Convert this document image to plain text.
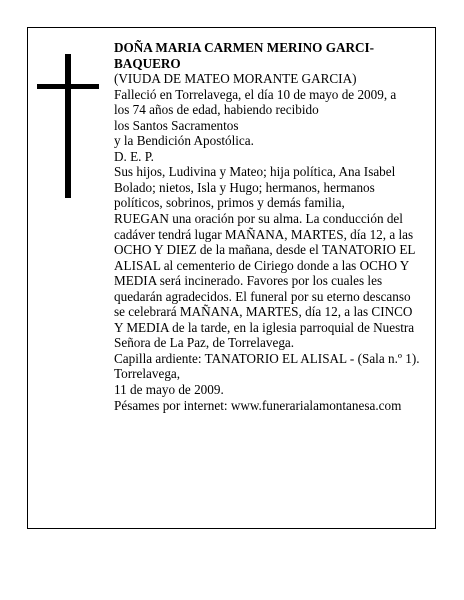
DOÑA MARIA CARMEN MERINO GARCI-BAQUERO

(VIUDA DE MATEO MORANTE GARCIA)

Falleció en Torrelavega, el día 10 de mayo de 2009, a

los 74 años de edad, habiendo recibido

los Santos Sacramentos

y la Bendición Apostólica.

D. E. P.

Sus hijos, Ludivina y Mateo; hija política, Ana Isabel Bolado; nietos, Isla y Hugo; hermanos, hermanos políticos, sobrinos, primos y demás familia,

RUEGAN una oración por su alma. La conducción del cadáver tendrá lugar MAÑANA, MARTES, día 12, a las OCHO Y DIEZ de la mañana, desde el TANATORIO EL ALISAL al cementerio de Ciriego donde a las OCHO Y MEDIA será incinerado. Favores por los cuales les quedarán agradecidos. El funeral por su eterno descanso se celebrará MAÑANA, MARTES, día 12, a las CINCO Y MEDIA de la tarde, en la iglesia parroquial de Nuestra Señora de La Paz, de Torrelavega.

Capilla ardiente: TANATORIO EL ALISAL - (Sala n.º 1).

Torrelavega,

11 de mayo de 2009.

Pésames por internet: www.funerarialamontanesa.com
